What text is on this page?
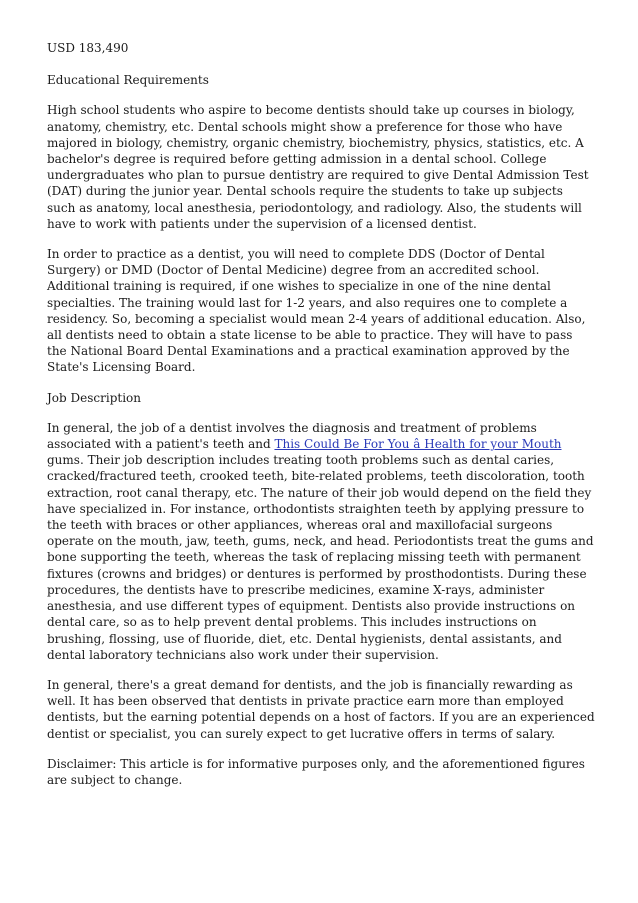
USD 183,490

Educational Requirements

High school students who aspire to become dentists should take up courses in biology, anatomy, chemistry, etc. Dental schools might show a preference for those who have majored in biology, chemistry, organic chemistry, biochemistry, physics, statistics, etc. A bachelor's degree is required before getting admission in a dental school. College undergraduates who plan to pursue dentistry are required to give Dental Admission Test (DAT) during the junior year. Dental schools require the students to take up subjects such as anatomy, local anesthesia, periodontology, and radiology. Also, the students will have to work with patients under the supervision of a licensed dentist.

In order to practice as a dentist, you will need to complete DDS (Doctor of Dental Surgery) or DMD (Doctor of Dental Medicine) degree from an accredited school. Additional training is required, if one wishes to specialize in one of the nine dental specialties. The training would last for 1-2 years, and also requires one to complete a residency. So, becoming a specialist would mean 2-4 years of additional education. Also, all dentists need to obtain a state license to be able to practice. They will have to pass the National Board Dental Examinations and a practical examination approved by the State's Licensing Board.

Job Description

In general, the job of a dentist involves the diagnosis and treatment of problems associated with a patient's teeth and This Could Be For You â Health for your Mouth gums. Their job description includes treating tooth problems such as dental caries, cracked/fractured teeth, crooked teeth, bite-related problems, teeth discoloration, tooth extraction, root canal therapy, etc. The nature of their job would depend on the field they have specialized in. For instance, orthodontists straighten teeth by applying pressure to the teeth with braces or other appliances, whereas oral and maxillofacial surgeons operate on the mouth, jaw, teeth, gums, neck, and head. Periodontists treat the gums and bone supporting the teeth, whereas the task of replacing missing teeth with permanent fixtures (crowns and bridges) or dentures is performed by prosthodontists. During these procedures, the dentists have to prescribe medicines, examine X-rays, administer anesthesia, and use different types of equipment. Dentists also provide instructions on dental care, so as to help prevent dental problems. This includes instructions on brushing, flossing, use of fluoride, diet, etc. Dental hygienists, dental assistants, and dental laboratory technicians also work under their supervision.

In general, there's a great demand for dentists, and the job is financially rewarding as well. It has been observed that dentists in private practice earn more than employed dentists, but the earning potential depends on a host of factors. If you are an experienced dentist or specialist, you can surely expect to get lucrative offers in terms of salary.

Disclaimer: This article is for informative purposes only, and the aforementioned figures are subject to change.
